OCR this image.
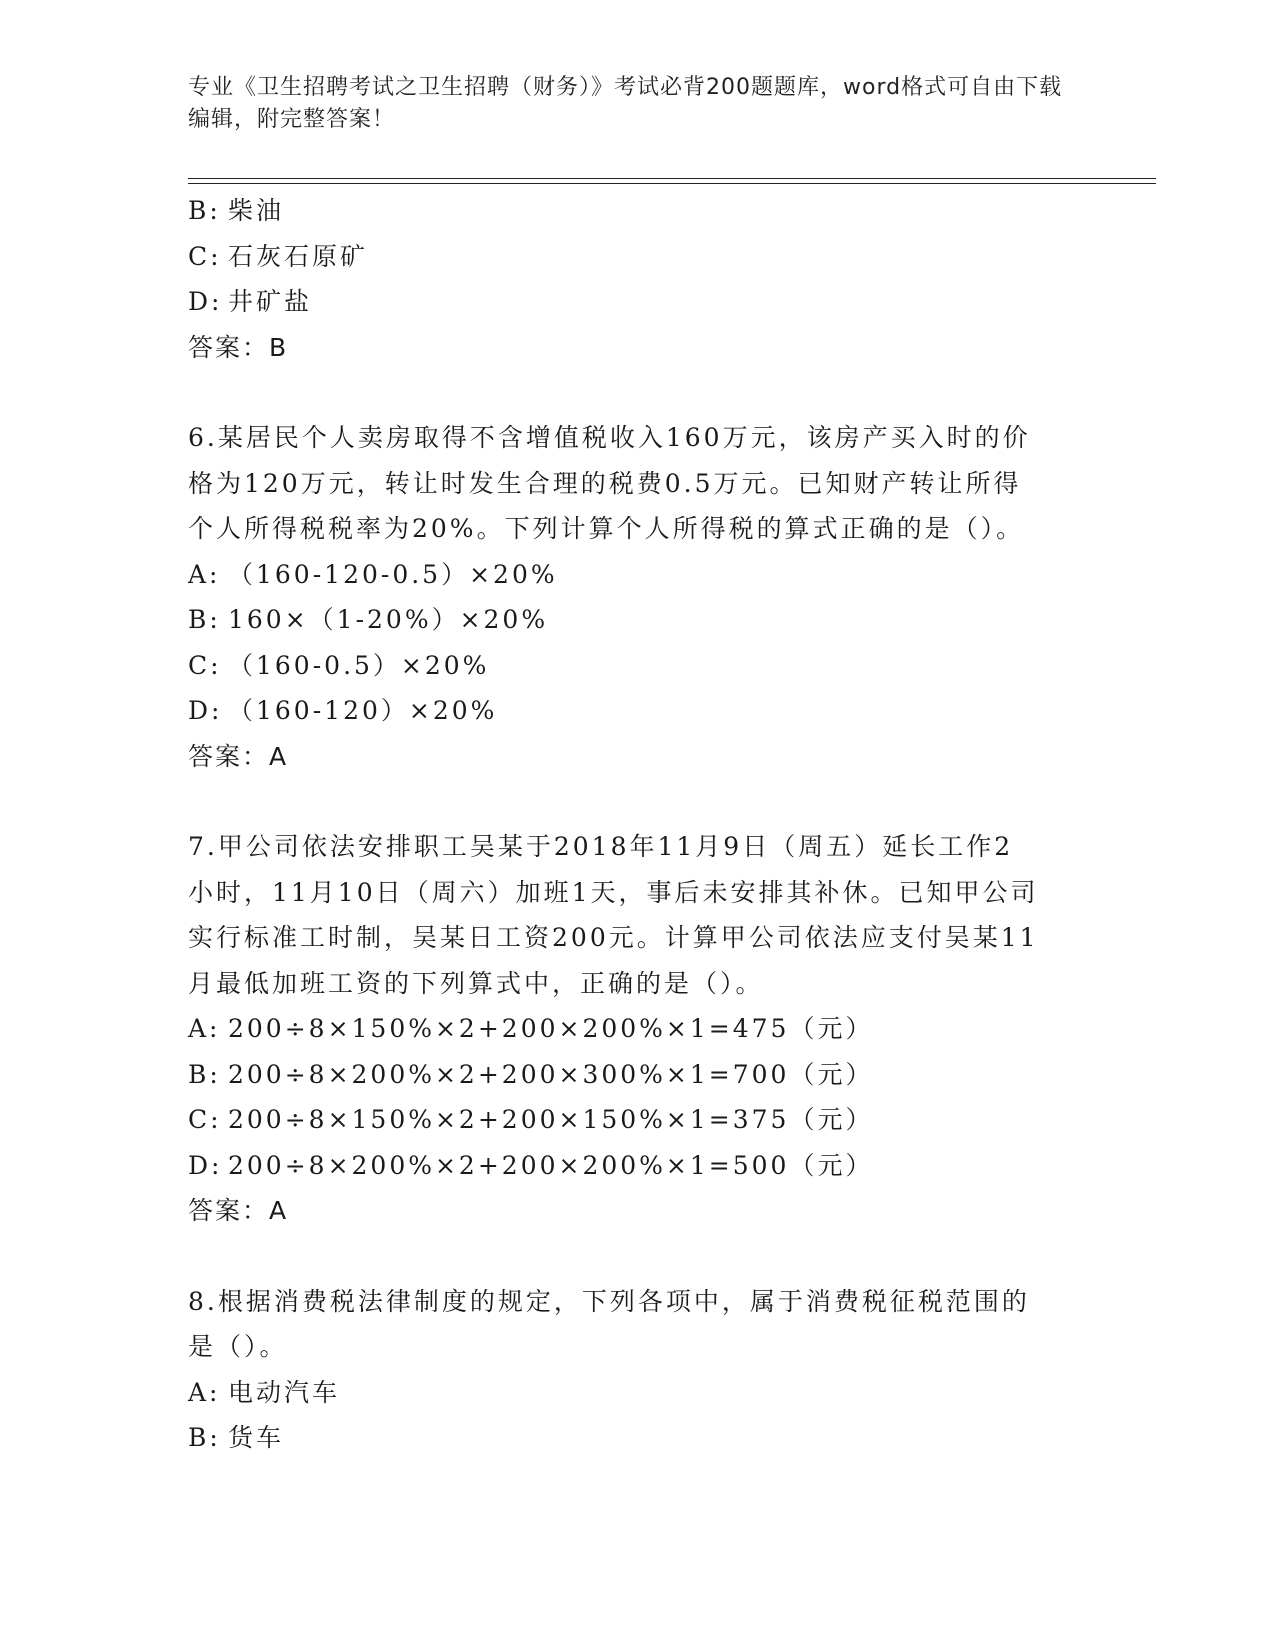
专业《卫生招聘考试之卫生招聘（财务）》考试必背200题题库，word格式可自由下载编辑，附完整答案！
B: 柴油
C: 石灰石原矿
D: 井矿盐
答案：B
6.某居民个人卖房取得不含增值税收入160万元，该房产买入时的价
格为120万元，转让时发生合理的税费0.5万元。已知财产转让所得
个人所得税税率为20%。下列计算个人所得税的算式正确的是（）。
A: （160-120-0.5）×20%
B: 160×（1-20%）×20%
C: （160-0.5）×20%
D: （160-120）×20%
答案：A
7.甲公司依法安排职工吴某于2018年11月9日（周五）延长工作2
小时，11月10日（周六）加班1天，事后未安排其补休。已知甲公司
实行标准工时制，吴某日工资200元。计算甲公司依法应支付吴某11
月最低加班工资的下列算式中，正确的是（）。
A: 200÷8×150%×2+200×200%×1=475（元）
B: 200÷8×200%×2+200×300%×1=700（元）
C: 200÷8×150%×2+200×150%×1=375（元）
D: 200÷8×200%×2+200×200%×1=500（元）
答案：A
8.根据消费税法律制度的规定，下列各项中，属于消费税征税范围的
是（）。
A: 电动汽车
B: 货车
